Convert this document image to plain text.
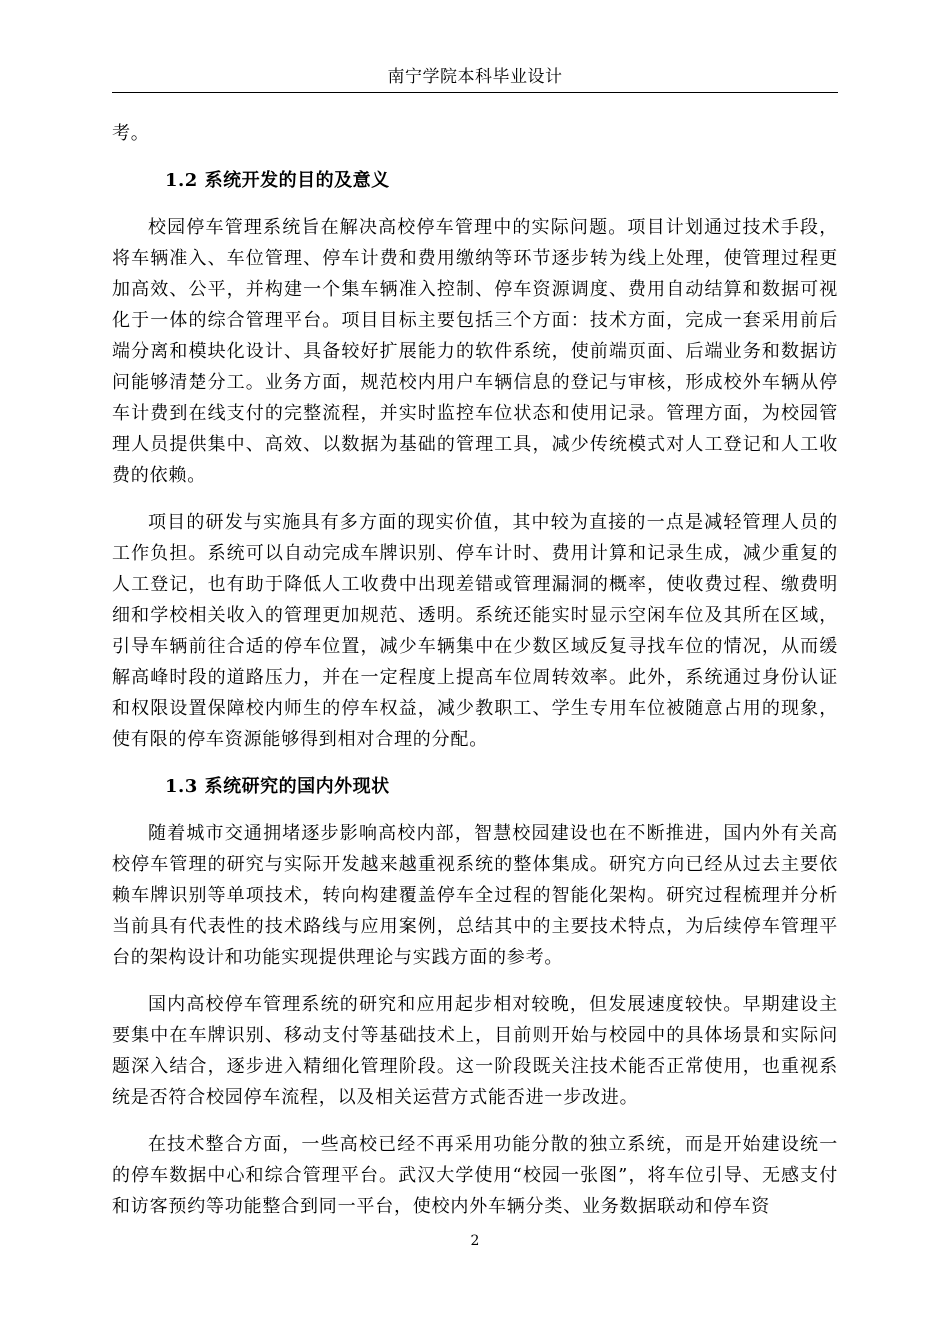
南宁学院本科毕业设计

考。

1.2 系统开发的目的及意义

校园停车管理系统旨在解决高校停车管理中的实际问题。项目计划通过技术手段，将车辆准入、车位管理、停车计费和费用缴纳等环节逐步转为线上处理，使管理过程更加高效、公平，并构建一个集车辆准入控制、停车资源调度、费用自动结算和数据可视化于一体的综合管理平台。项目目标主要包括三个方面：技术方面，完成一套采用前后端分离和模块化设计、具备较好扩展能力的软件系统，使前端页面、后端业务和数据访问能够清楚分工。业务方面，规范校内用户车辆信息的登记与审核，形成校外车辆从停车计费到在线支付的完整流程，并实时监控车位状态和使用记录。管理方面，为校园管理人员提供集中、高效、以数据为基础的管理工具，减少传统模式对人工登记和人工收费的依赖。

项目的研发与实施具有多方面的现实价值，其中较为直接的一点是减轻管理人员的工作负担。系统可以自动完成车牌识别、停车计时、费用计算和记录生成，减少重复的人工登记，也有助于降低人工收费中出现差错或管理漏洞的概率，使收费过程、缴费明细和学校相关收入的管理更加规范、透明。系统还能实时显示空闲车位及其所在区域，引导车辆前往合适的停车位置，减少车辆集中在少数区域反复寻找车位的情况，从而缓解高峰时段的道路压力，并在一定程度上提高车位周转效率。此外，系统通过身份认证和权限设置保障校内师生的停车权益，减少教职工、学生专用车位被随意占用的现象，使有限的停车资源能够得到相对合理的分配。

1.3 系统研究的国内外现状

随着城市交通拥堵逐步影响高校内部，智慧校园建设也在不断推进，国内外有关高校停车管理的研究与实际开发越来越重视系统的整体集成。研究方向已经从过去主要依赖车牌识别等单项技术，转向构建覆盖停车全过程的智能化架构。研究过程梳理并分析当前具有代表性的技术路线与应用案例，总结其中的主要技术特点，为后续停车管理平台的架构设计和功能实现提供理论与实践方面的参考。

国内高校停车管理系统的研究和应用起步相对较晚，但发展速度较快。早期建设主要集中在车牌识别、移动支付等基础技术上，目前则开始与校园中的具体场景和实际问题深入结合，逐步进入精细化管理阶段。这一阶段既关注技术能否正常使用，也重视系统是否符合校园停车流程，以及相关运营方式能否进一步改进。

在技术整合方面，一些高校已经不再采用功能分散的独立系统，而是开始建设统一的停车数据中心和综合管理平台。武汉大学使用“校园一张图”，将车位引导、无感支付和访客预约等功能整合到同一平台，使校内外车辆分类、业务数据联动和停车资

2
